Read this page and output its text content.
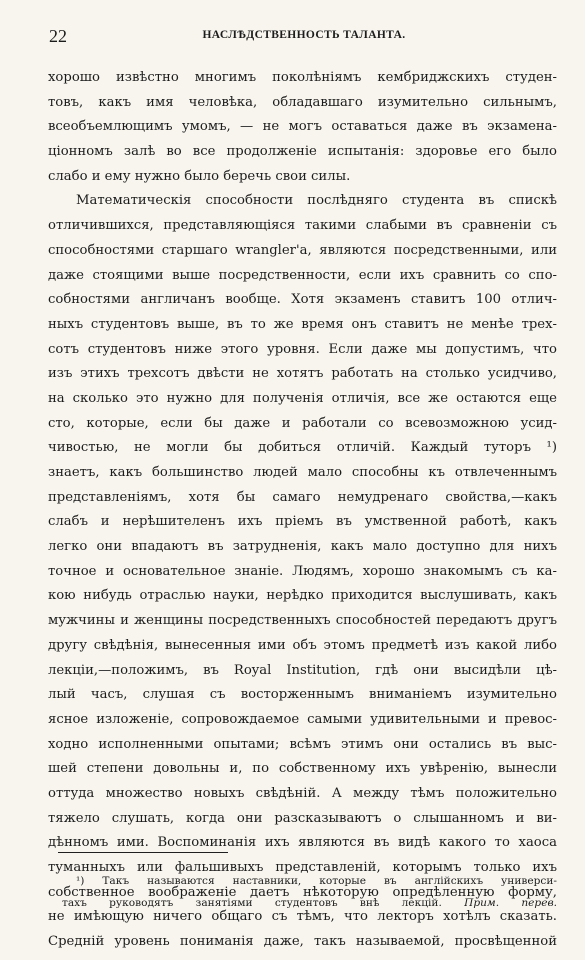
22	НАСЛѢДСТВЕННОСТЬ ТАЛАНТА.
хорошо извѣстно многимъ поколѣніямъ кембриджскихъ студен-
товъ, какъ имя человѣка, обладавшаго изумительно сильнымъ,
всеобъемлющимъ умомъ, — не могъ оставаться даже въ экзамена-
ціонномъ залѣ во все продолженіе испытанія: здоровье его было
слабо и ему нужно было беречь свои силы.
Математическія способности послѣдняго студента въ спискѣ
отличившихся, представляющіяся такими слабыми въ сравненіи съ
способностями старшаго wrangler'а, являются посредственными, или
даже стоящими выше посредственности, если ихъ сравнить со спо-
собностями англичанъ вообще. Хотя экзаменъ ставитъ 100 отлич-
ныхъ студентовъ выше, въ то же время онъ ставитъ не менѣе трех-
сотъ студентовъ ниже этого уровня. Если даже мы допустимъ, что
изъ этихъ трехсотъ двѣсти не хотятъ работать на столько усидчиво,
на сколько это нужно для полученія отличія, все же остаются еще
сто, которые, если бы даже и работали со всевозможною усид-
чивостью, не могли бы добиться отличій. Каждый туторъ ¹)
знаетъ, какъ большинство людей мало способны къ отвлеченнымъ
представленіямъ, хотя бы самаго немудренаго свойства,—какъ
слабъ и нерѣшителенъ ихъ пріемъ въ умственной работѣ, какъ
легко они впадаютъ въ затрудненія, какъ мало доступно для нихъ
точное и основательное знаніе. Людямъ, хорошо знакомымъ съ ка-
кою нибудь отраслью науки, нерѣдко приходится выслушивать, какъ
мужчины и женщины посредственныхъ способностей передаютъ другъ
другу свѣдѣнія, вынесенныя ими объ этомъ предметѣ изъ какой либо
лекціи,—положимъ, въ Royal Institution, гдѣ они высидѣли цѣ-
лый часъ, слушая съ восторженнымъ вниманіемъ изумительно
ясное изложеніе, сопровождаемое самыми удивительными и превос-
ходно исполненными опытами; всѣмъ этимъ они остались въ выс-
шей степени довольны и, по собственному ихъ увѣренію, вынесли
оттуда множество новыхъ свѣдѣній. А между тѣмъ положительно
тяжело слушать, когда они разсказываютъ о слышанномъ и ви-
дѣнномъ ими. Воспоминанія ихъ являются въ видѣ какого то хаоса
туманныхъ или фальшивыхъ представленій, которымъ только ихъ
собственное воображеніе даетъ нѣкоторую опредѣленную форму,
не имѣющую ничего общаго съ тѣмъ, что лекторъ хотѣлъ сказать.
Средній уровень пониманія даже, такъ называемой, просвѣщенной
¹) Такъ называются наставники, которые въ англійскихъ универси-
тахъ руководятъ занятіями студентовъ внѣ лекцій. Прим. перев.
